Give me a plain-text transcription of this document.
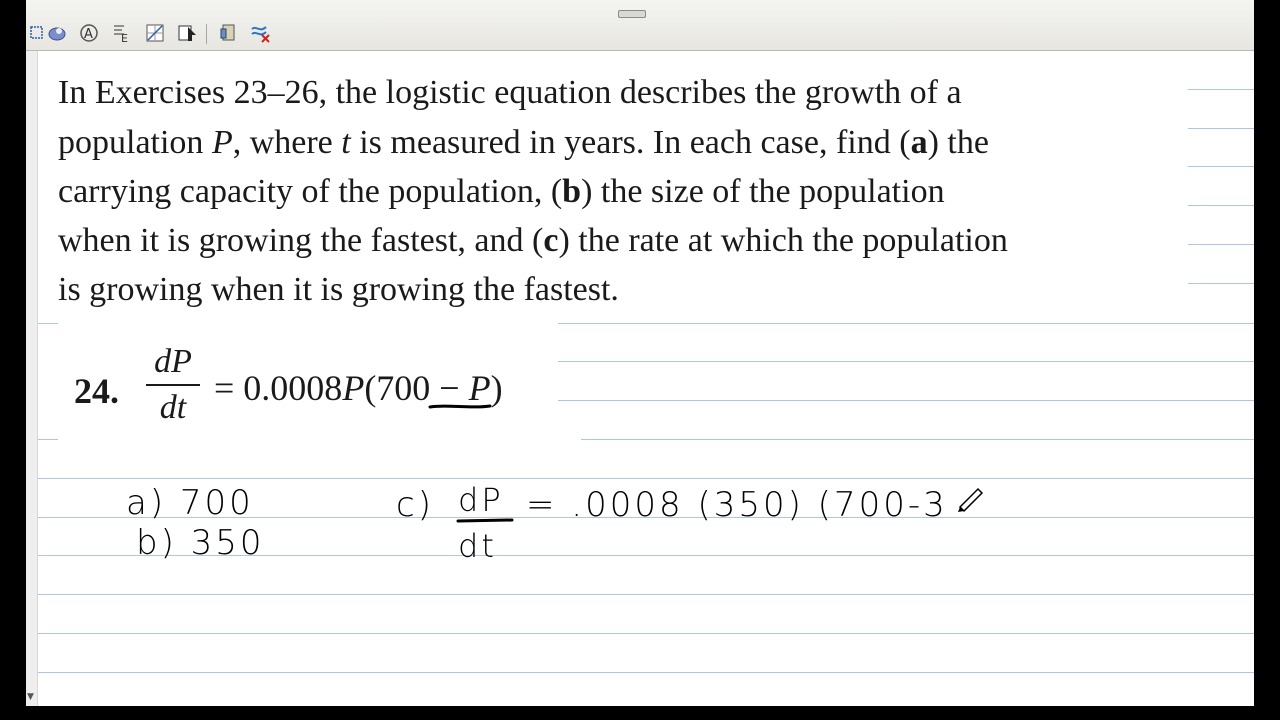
A	E
▼
In Exercises 23–26, the logistic equation describes the growth of a
population P, where t is measured in years. In each case, find (a) the
carrying capacity of the population, (b) the size of the population
when it is growing the fastest, and (c) the rate at which the population
is growing when it is growing the fastest.
24.
dP
dt = 0.0008P(700 − P)
a) 700
b) 350
c) dP
dt
= .0008 (350) (700-3
